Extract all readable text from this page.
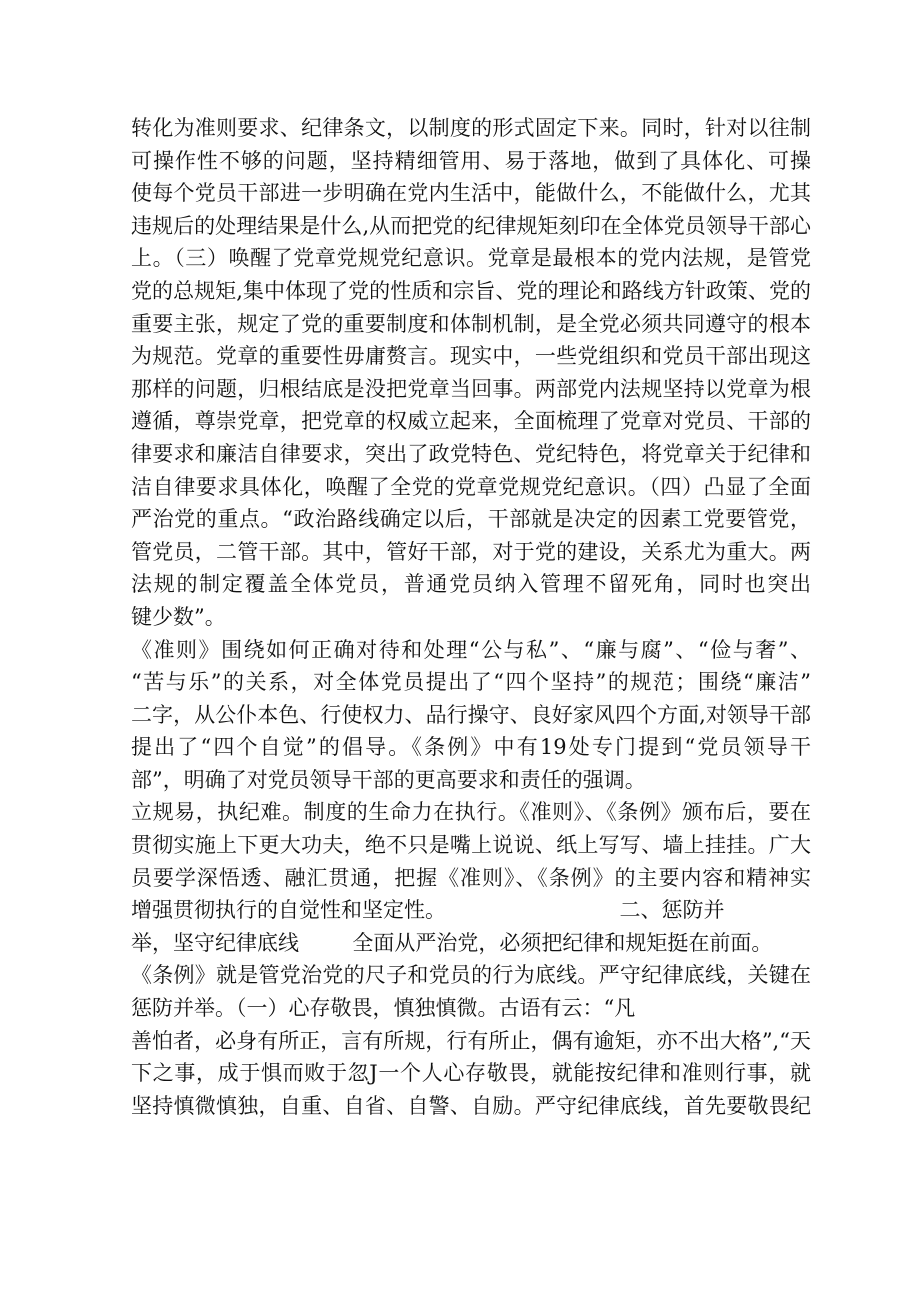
转化为准则要求、纪律条文，以制度的形式固定下来。同时，针对以往制
可操作性不够的问题，坚持精细管用、易于落地，做到了具体化、可操
使每个党员干部进一步明确在党内生活中，能做什么，不能做什么，尤其
违规后的处理结果是什么,从而把党的纪律规矩刻印在全体党员领导干部心
上。（三）唤醒了党章党规党纪意识。党章是最根本的党内法规，是管党
党的总规矩,集中体现了党的性质和宗旨、党的理论和路线方针政策、党的
重要主张，规定了党的重要制度和体制机制，是全党必须共同遵守的根本
为规范。党章的重要性毋庸赘言。现实中，一些党组织和党员干部出现这
那样的问题，归根结底是没把党章当回事。两部党内法规坚持以党章为根
遵循，尊崇党章，把党章的权威立起来，全面梳理了党章对党员、干部的
律要求和廉洁自律要求，突出了政党特色、党纪特色，将党章关于纪律和
洁自律要求具体化，唤醒了全党的党章党规党纪意识。（四）凸显了全面
严治党的重点。“政治路线确定以后，干部就是决定的因素工党要管党，
管党员，二管干部。其中，管好干部，对于党的建设，关系尤为重大。两
法规的制定覆盖全体党员，普通党员纳入管理不留死角，同时也突出
键少数”。
《准则》围绕如何正确对待和处理“公与私”、“廉与腐”、“俭与奢”、
“苦与乐”的关系，对全体党员提出了“四个坚持”的规范；围绕“廉洁”
二字，从公仆本色、行使权力、品行操守、良好家风四个方面,对领导干部
提出了“四个自觉”的倡导。《条例》中有19处专门提到“党员领导干
部”，明确了对党员领导干部的更高要求和责任的强调。
立规易，执纪难。制度的生命力在执行。《准则》、《条例》颁布后，要在
贯彻实施上下更大功夫，绝不只是嘴上说说、纸上写写、墙上挂挂。广大
员要学深悟透、融汇贯通，把握《准则》、《条例》的主要内容和精神实
增强贯彻执行的自觉性和坚定性。                          二、惩防并
举，坚守纪律底线        全面从严治党，必须把纪律和规矩挺在前面。
《条例》就是管党治党的尺子和党员的行为底线。严守纪律底线，关键在
惩防并举。（一）心存敬畏，慎独慎微。古语有云：“凡
善怕者，必身有所正，言有所规，行有所止，偶有逾矩，亦不出大格”,“天
下之事，成于惧而败于忽J一个人心存敬畏，就能按纪律和准则行事，就
坚持慎微慎独，自重、自省、自警、自励。严守纪律底线，首先要敬畏纪
